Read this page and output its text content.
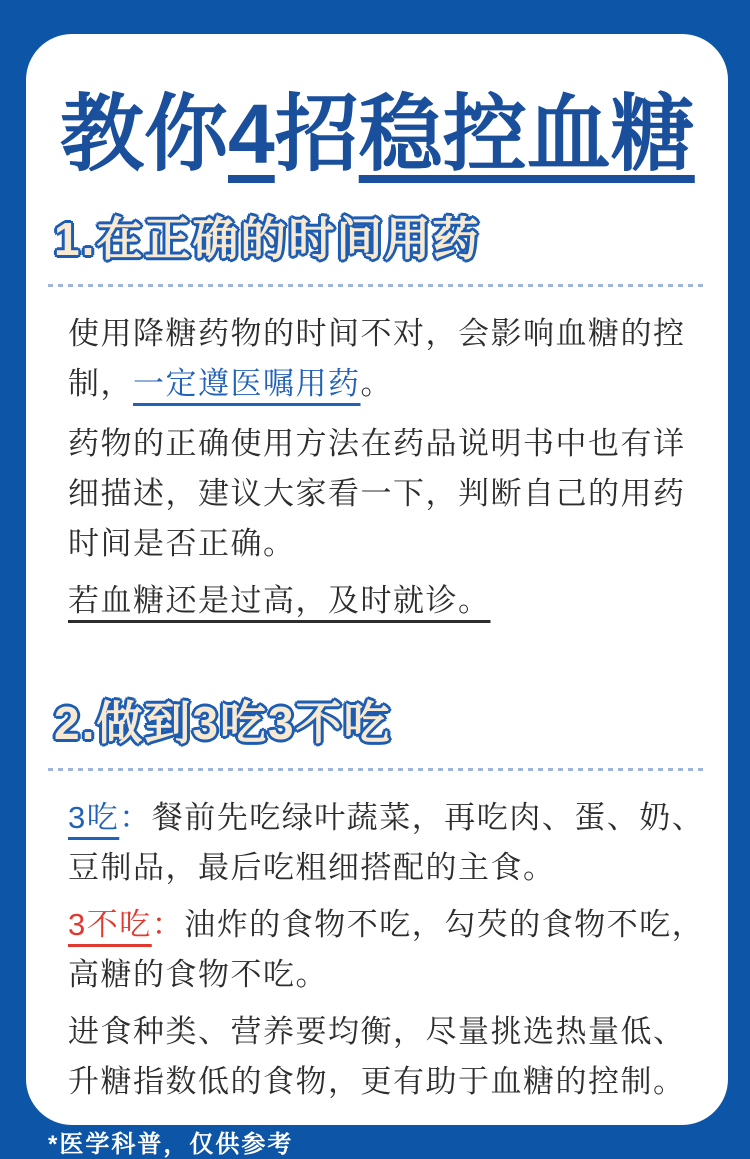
教你4招稳控血糖
1.在正确的时间用药

使用降糖药物的时间不对，会影响血糖的控制，一定遵医嘱用药。

药物的正确使用方法在药品说明书中也有详细描述，建议大家看一下，判断自己的用药时间是否正确。

若血糖还是过高，及时就诊。

2.做到3吃3不吃

3吃：餐前先吃绿叶蔬菜，再吃肉、蛋、奶、豆制品，最后吃粗细搭配的主食。

3不吃：油炸的食物不吃，勾芡的食物不吃，高糖的食物不吃。

进食种类、营养要均衡，尽量挑选热量低、升糖指数低的食物，更有助于血糖的控制。

*医学科普，仅供参考
